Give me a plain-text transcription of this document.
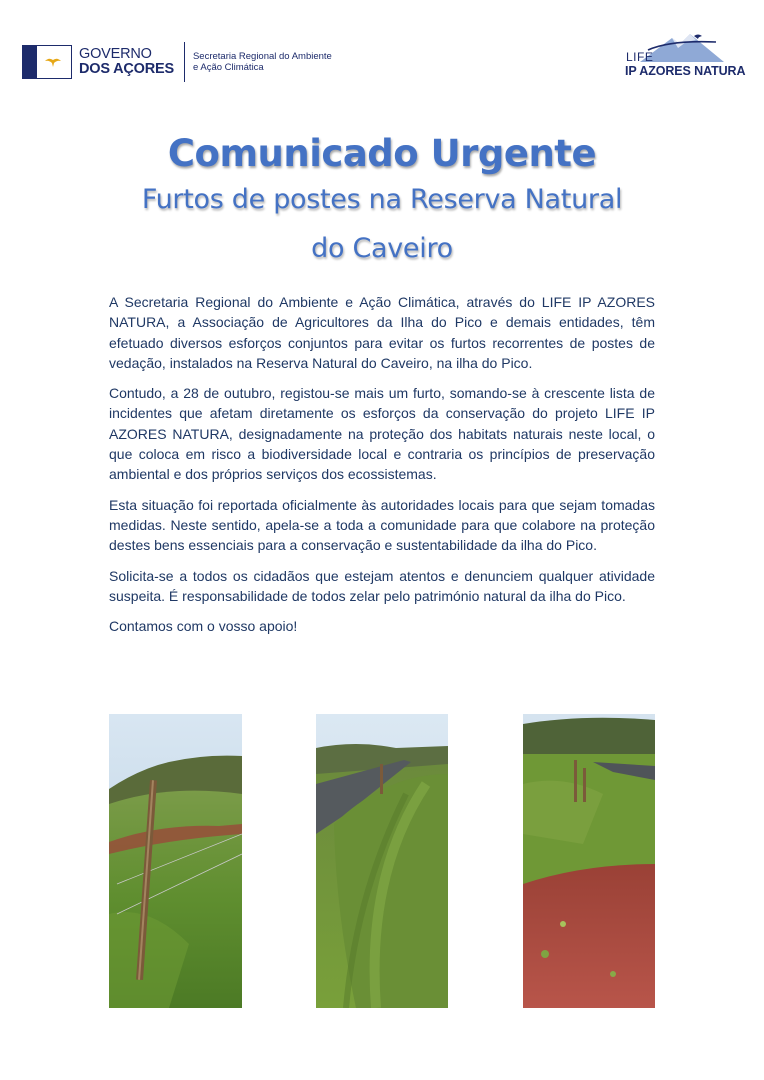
GOVERNO
DOS AÇORES
Secretaria Regional do Ambiente
e Ação Climática
LIFE
IP AZORES NATURA
Comunicado Urgente
Furtos de postes na Reserva Natural
do Caveiro

A Secretaria Regional do Ambiente e Ação Climática, através do LIFE IP AZORES NATURA, a Associação de Agricultores da Ilha do Pico e demais entidades, têm efetuado diversos esforços conjuntos para evitar os furtos recorrentes de postes de vedação, instalados na Reserva Natural do Caveiro, na ilha do Pico.

Contudo, a 28 de outubro, registou-se mais um furto, somando-se à crescente lista de incidentes que afetam diretamente os esforços da conservação do projeto LIFE IP AZORES NATURA, designadamente na proteção dos habitats naturais neste local, o que coloca em risco a biodiversidade local e contraria os princípios de preservação ambiental e dos próprios serviços dos ecossistemas.

Esta situação foi reportada oficialmente às autoridades locais para que sejam tomadas medidas. Neste sentido, apela-se a toda a comunidade para que colabore na proteção destes bens essenciais para a conservação e sustentabilidade da ilha do Pico.

Solicita-se a todos os cidadãos que estejam atentos e denunciem qualquer atividade suspeita. É responsabilidade de todos zelar pelo património natural da ilha do Pico.

Contamos com o vosso apoio!
